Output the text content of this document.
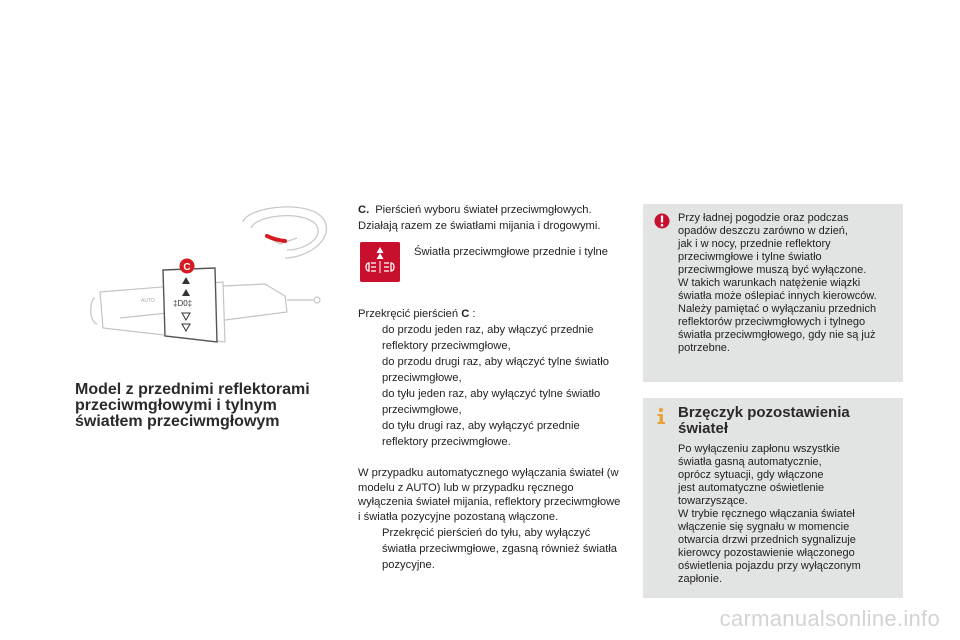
AUTO ‡D0‡
C
Model z przednimi reflektorami przeciwmgłowymi i tylnym światłem przeciwmgłowym

C. Pierścień wyboru świateł przeciwmgłowych. Działają razem ze światłami mijania i drogowymi.

Światła przeciwmgłowe przednie i tylne

Przekręcić pierścień C :

do przodu jeden raz, aby włączyć przednie reflektory przeciwmgłowe,
do przodu drugi raz, aby włączyć tylne światło przeciwmgłowe,
do tyłu jeden raz, aby wyłączyć tylne światło przeciwmgłowe,
do tyłu drugi raz, aby wyłączyć przednie reflektory przeciwmgłowe.

W przypadku automatycznego wyłączania świateł (w modelu z AUTO) lub w przypadku ręcznego wyłączenia świateł mijania, reflektory przeciwmgłowe i światła pozycyjne pozostaną włączone.

Przekręcić pierścień do tyłu, aby wyłączyć światła przeciwmgłowe, zgasną również światła pozycyjne.

Przy ładnej pogodzie oraz podczas
opadów deszczu zarówno w dzień,
jak i w nocy, przednie reflektory
przeciwmgłowe i tylne światło
przeciwmgłowe muszą być wyłączone.
W takich warunkach natężenie wiązki
światła może oślepiać innych kierowców.
Należy pamiętać o wyłączaniu przednich
reflektorów przeciwmgłowych i tylnego
światła przeciwmgłowego, gdy nie są już
potrzebne.

Brzęczyk pozostawienia świateł

Po wyłączeniu zapłonu wszystkie
światła gasną automatycznie,
oprócz sytuacji, gdy włączone
jest automatyczne oświetlenie
towarzyszące.
W trybie ręcznego włączania świateł
włączenie się sygnału w momencie
otwarcia drzwi przednich sygnalizuje
kierowcy pozostawienie włączonego
oświetlenia pojazdu przy wyłączonym
zapłonie.

carmanualsonline.info
